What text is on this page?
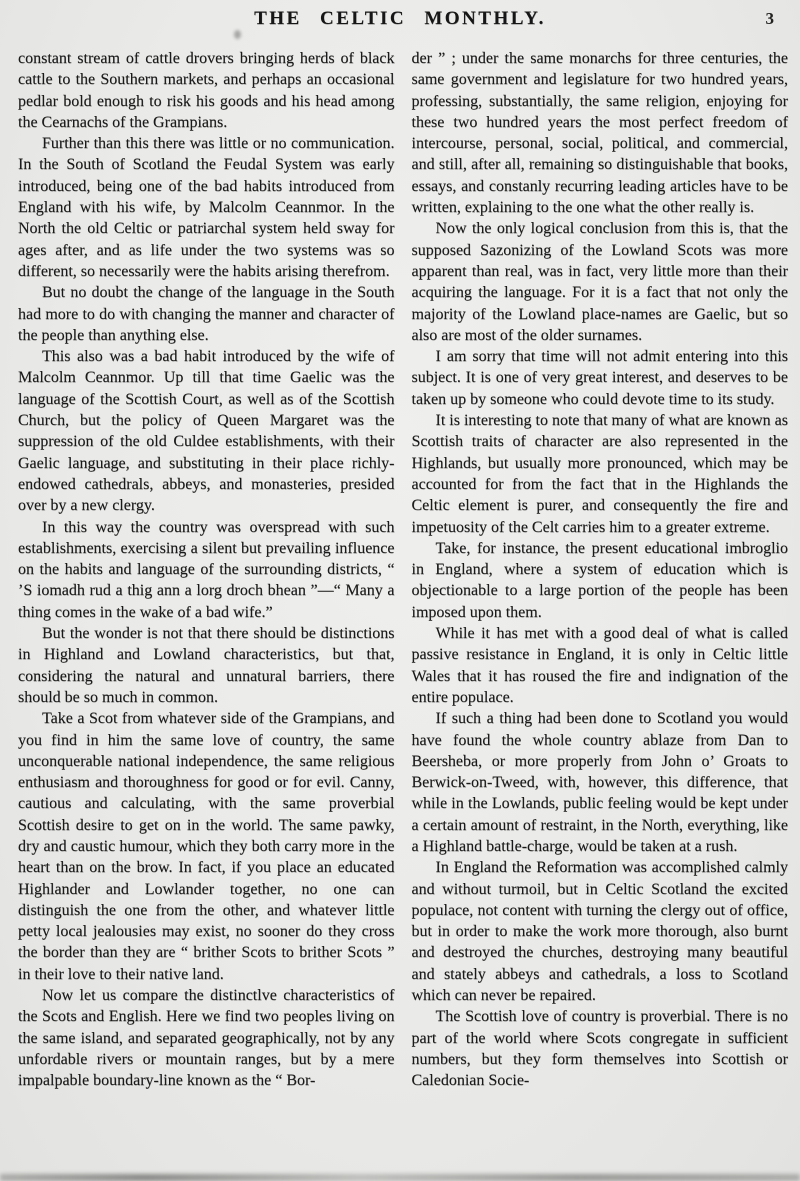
THE CELTIC MONTHLY.	3

constant stream of cattle drovers bringing herds of black cattle to the Southern markets, and perhaps an occasional pedlar bold enough to risk his goods and his head among the Cearnachs of the Grampians.

Further than this there was little or no communication. In the South of Scotland the Feudal System was early introduced, being one of the bad habits introduced from England with his wife, by Malcolm Ceannmor. In the North the old Celtic or patriarchal system held sway for ages after, and as life under the two systems was so different, so necessarily were the habits arising therefrom.

But no doubt the change of the language in the South had more to do with changing the manner and character of the people than anything else.

This also was a bad habit introduced by the wife of Malcolm Ceannmor. Up till that time Gaelic was the language of the Scottish Court, as well as of the Scottish Church, but the policy of Queen Margaret was the suppression of the old Culdee establishments, with their Gaelic language, and substituting in their place richly-endowed cathedrals, abbeys, and monasteries, presided over by a new clergy.

In this way the country was overspread with such establishments, exercising a silent but prevailing influence on the habits and language of the surrounding districts, “ ’S iomadh rud a thig ann a lorg droch bhean ”—“ Many a thing comes in the wake of a bad wife.”

But the wonder is not that there should be distinctions in Highland and Lowland characteristics, but that, considering the natural and unnatural barriers, there should be so much in common.

Take a Scot from whatever side of the Grampians, and you find in him the same love of country, the same unconquerable national independence, the same religious enthusiasm and thoroughness for good or for evil. Canny, cautious and calculating, with the same proverbial Scottish desire to get on in the world. The same pawky, dry and caustic humour, which they both carry more in the heart than on the brow. In fact, if you place an educated Highlander and Lowlander together, no one can distinguish the one from the other, and whatever little petty local jealousies may exist, no sooner do they cross the border than they are “ brither Scots to brither Scots ” in their love to their native land.

Now let us compare the distinctlve characteristics of the Scots and English. Here we find two peoples living on the same island, and separated geographically, not by any unfordable rivers or mountain ranges, but by a mere impalpable boundary-line known as the “ Bor-

der ” ; under the same monarchs for three centuries, the same government and legislature for two hundred years, professing, substantially, the same religion, enjoying for these two hundred years the most perfect freedom of intercourse, personal, social, political, and commercial, and still, after all, remaining so distinguishable that books, essays, and constanly recurring leading articles have to be written, explaining to the one what the other really is.

Now the only logical conclusion from this is, that the supposed Sazonizing of the Lowland Scots was more apparent than real, was in fact, very little more than their acquiring the language. For it is a fact that not only the majority of the Lowland place-names are Gaelic, but so also are most of the older surnames.

I am sorry that time will not admit entering into this subject. It is one of very great interest, and deserves to be taken up by someone who could devote time to its study.

It is interesting to note that many of what are known as Scottish traits of character are also represented in the Highlands, but usually more pronounced, which may be accounted for from the fact that in the Highlands the Celtic element is purer, and consequently the fire and impetuosity of the Celt carries him to a greater extreme.

Take, for instance, the present educational imbroglio in England, where a system of education which is objectionable to a large portion of the people has been imposed upon them.

While it has met with a good deal of what is called passive resistance in England, it is only in Celtic little Wales that it has roused the fire and indignation of the entire populace.

If such a thing had been done to Scotland you would have found the whole country ablaze from Dan to Beersheba, or more properly from John o’ Groats to Berwick-on-Tweed, with, however, this difference, that while in the Lowlands, public feeling would be kept under a certain amount of restraint, in the North, everything, like a Highland battle-charge, would be taken at a rush.

In England the Reformation was accomplished calmly and without turmoil, but in Celtic Scotland the excited populace, not content with turning the clergy out of office, but in order to make the work more thorough, also burnt and destroyed the churches, destroying many beautiful and stately abbeys and cathedrals, a loss to Scotland which can never be repaired.

The Scottish love of country is proverbial. There is no part of the world where Scots congregate in sufficient numbers, but they form themselves into Scottish or Caledonian Socie-
